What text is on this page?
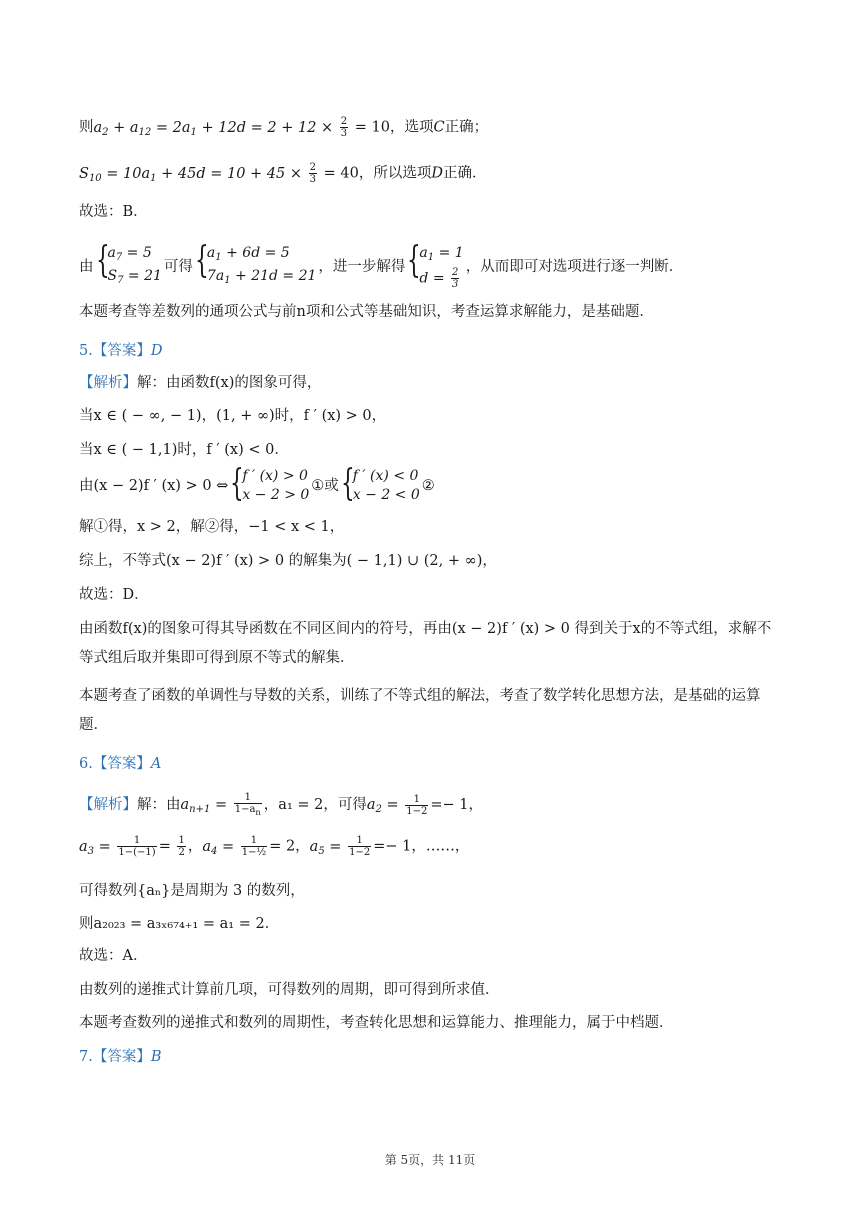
则$a_2 + a_{12} = 2a_1 + 12d = 2 + 12 \times \frac{2}{3} = 10$，选项C正确；
$S_{10} = 10a_1 + 45d = 10 + 45 \times \frac{2}{3} = 40$，所以选项D正确．
故选：B．
由 {
$a_7 = 5$
$S_7 = 21$
可得 {
$a_1 + 6d = 5$
$7a_1 + 21d = 21$
，进一步解得 {
$a_1 = 1$
$d = \frac{2}{3}$ ，从而即可对选项进行逐一判断．
本题考查等差数列的通项公式与前n项和公式等基础知识，考查运算求解能力，是基础题．
5.【答案】D
【解析】解：由函数f(x)的图象可得，
当x ∈ ( − ∞, − 1)，(1, + ∞)时，f ′ (x) > 0，
当x ∈ ( − 1,1)时，f ′ (x) < 0．
由(x − 2)f ′ (x) > 0 ⇔ {
f ′ (x) > 0
x − 2 > 0
①或 {
f ′ (x) < 0
x − 2 < 0
②
解①得，x > 2，解②得，−1 < x < 1，
综上，不等式(x − 2)f ′ (x) > 0 的解集为( − 1,1) ∪ (2, + ∞)，
故选：D．
由函数f(x)的图象可得其导函数在不同区间内的符号，再由(x − 2)f ′ (x) > 0 得到关于x的不等式组，求解不等式组后取并集即可得到原不等式的解集．
本题考查了函数的单调性与导数的关系，训练了不等式组的解法，考查了数学转化思想方法，是基础的运算题．
6.【答案】A
【解析】解：由$a_{n+1} = \frac{1}{1-a_n}$ ，a₁ = 2，可得$a_2 = \frac{1}{1-2} =- 1$，
$a_3 = \frac{1}{1-(-1)} = \frac{1}{2}$ ，$a_4 = \frac{1}{\text{1−½}} = 2$，$a_5 = \frac{1}{1-2} =- 1$，……，
可得数列{aₙ}是周期为 3 的数列，
则a₂₀₂₃ = a₃ₓ₆₇₄₊₁ = a₁ = 2．
故选：A．
由数列的递推式计算前几项，可得数列的周期，即可得到所求值．
本题考查数列的递推式和数列的周期性，考查转化思想和运算能力、推理能力，属于中档题．
7.【答案】B
第 5页，共 11页
